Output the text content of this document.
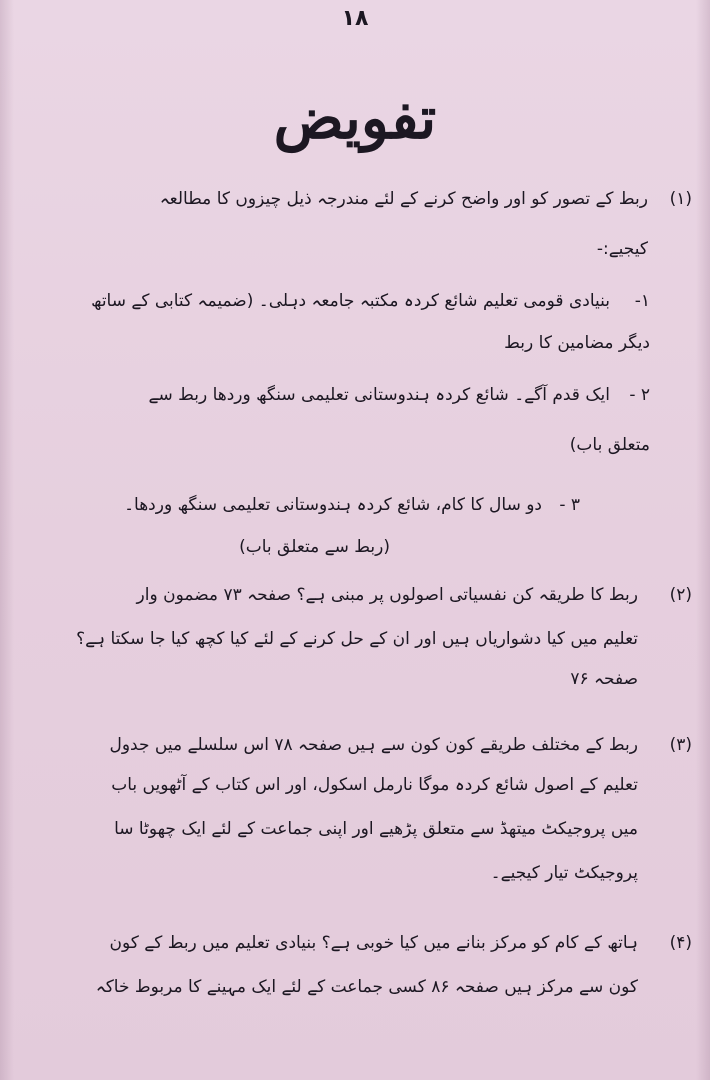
۱۸
تفویض
(۱)
ربط کے تصور کو اور واضح کرنے کے لئے مندرجہ ذیل چیزوں کا مطالعہ
کیجیے:-
۱-
بنیادی قومی تعلیم شائع کردہ مکتبہ جامعہ دہلی۔ (ضمیمہ کتابی کے ساتھ
دیگر مضامین کا ربط
۲ -
ایک قدم آگے۔ شائع کردہ ہندوستانی تعلیمی سنگھ وردھا ربط سے
متعلق باب)
۳ -
دو سال کا کام، شائع کردہ ہندوستانی تعلیمی سنگھ وردھا۔
(ربط سے متعلق باب)
(۲)
ربط کا طریقہ کن نفسیاتی اصولوں پر مبنی ہے؟ صفحہ ۷۳ مضمون وار
تعلیم میں کیا دشواریاں ہیں اور ان کے حل کرنے کے لئے کیا کچھ کیا جا سکتا ہے؟
صفحہ ۷۶
(۳)
ربط کے مختلف طریقے کون کون سے ہیں صفحہ ۷۸ اس سلسلے میں جدول
تعلیم کے اصول شائع کردہ موگا نارمل اسکول، اور اس کتاب کے آٹھویں باب
میں پروجیکٹ میتھڈ سے متعلق پڑھیے اور اپنی جماعت کے لئے ایک چھوٹا سا
پروجیکٹ تیار کیجیے۔
(۴)
ہاتھ کے کام کو مرکز بنانے میں کیا خوبی ہے؟ بنیادی تعلیم میں ربط کے کون
کون سے مرکز ہیں صفحہ ۸۶ کسی جماعت کے لئے ایک مہینے کا مربوط خاکہ
